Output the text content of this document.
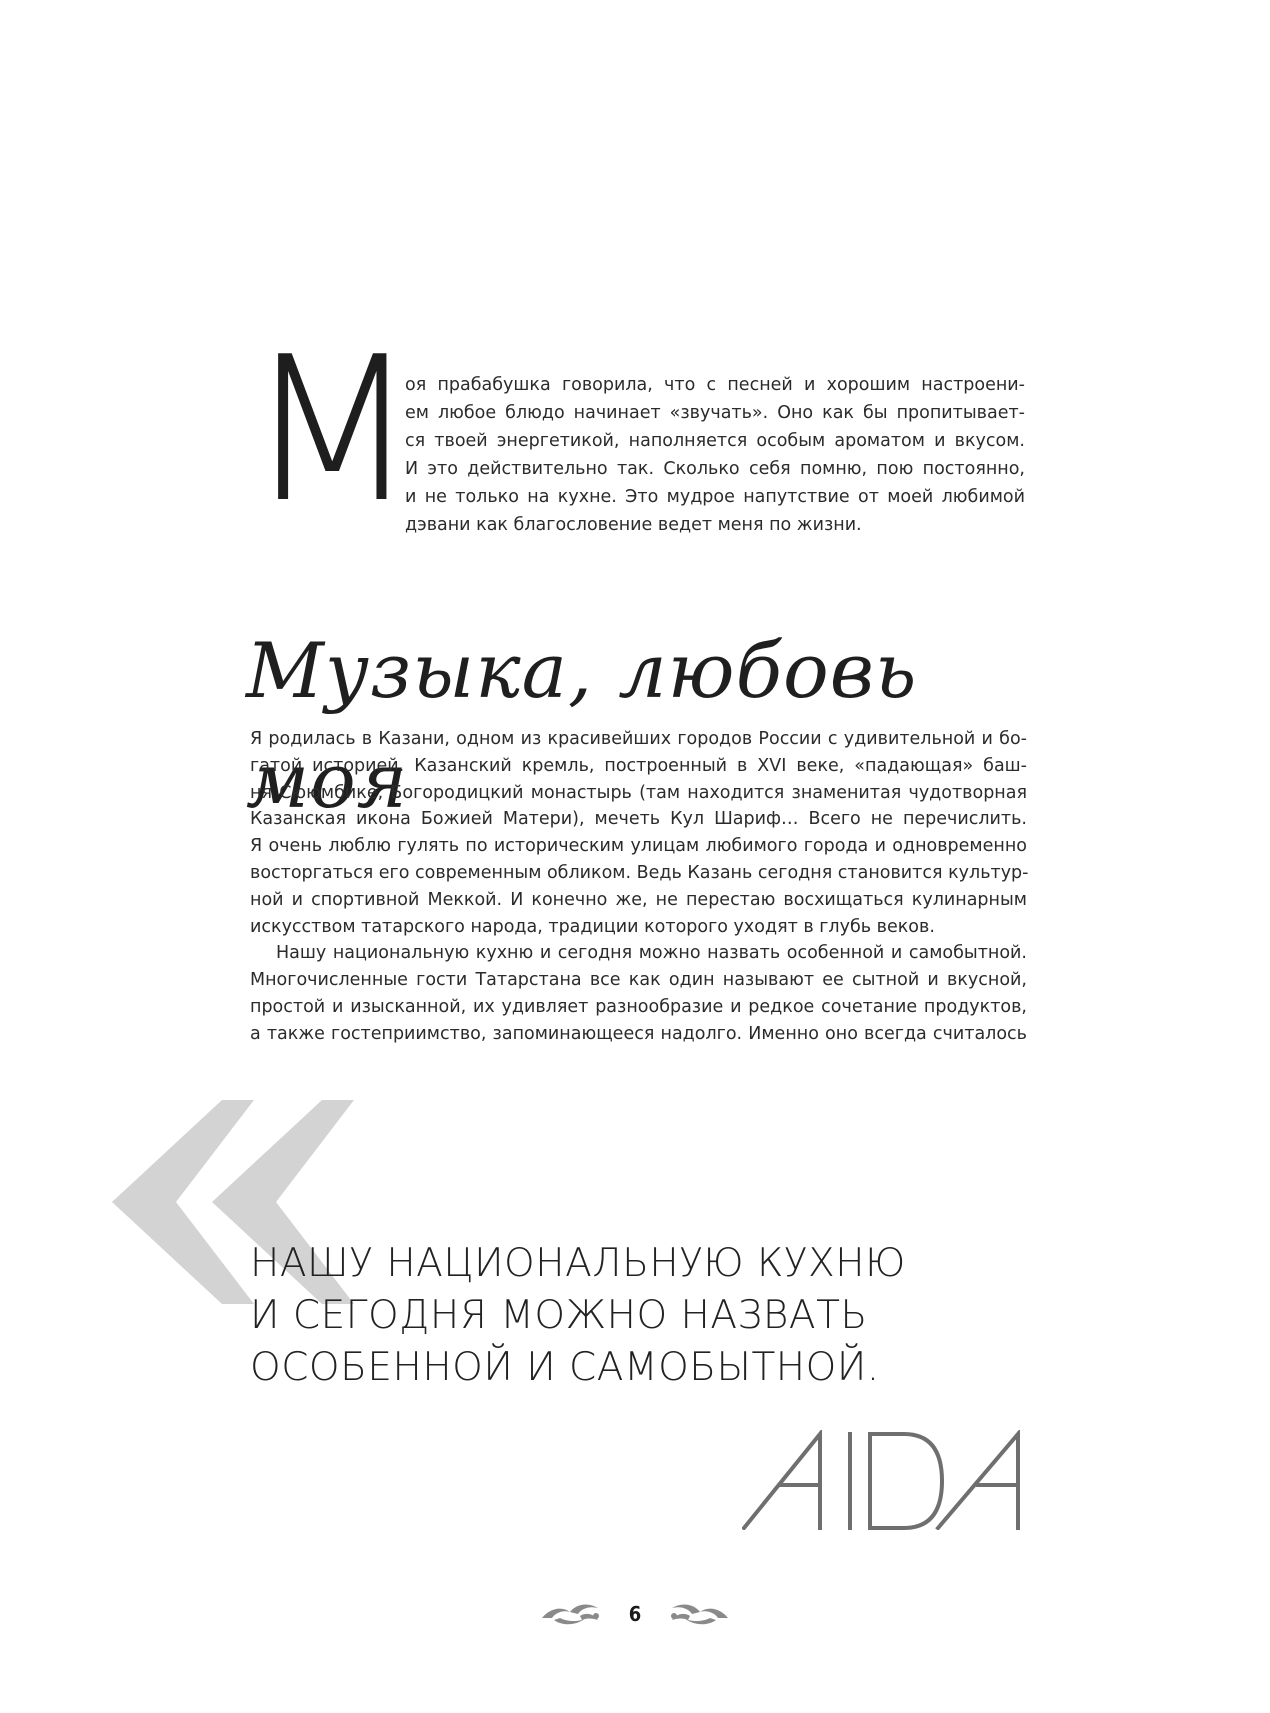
М
оя прабабушка говорила, что с песней и хорошим настроени-
ем любое блюдо начинает «звучать». Оно как бы пропитывает-
ся твоей энергетикой, наполняется особым ароматом и вкусом.
И это действительно так. Сколько себя помню, пою постоянно,
и не только на кухне. Это мудрое напутствие от моей любимой
дэвани как благословение ведет меня по жизни.
Музыка, любовь моя
Я родилась в Казани, одном из красивейших городов России с удивительной и бо-
гатой историей. Казанский кремль, построенный в XVI веке, «падающая» баш-
ня Сююмбике, Богородицкий монастырь (там находится знаменитая чудотворная
Казанская икона Божией Матери), мечеть Кул Шариф… Всего не перечислить.
Я очень люблю гулять по историческим улицам любимого города и одновременно
восторгаться его современным обликом. Ведь Казань сегодня становится культур-
ной и спортивной Меккой. И конечно же, не перестаю восхищаться кулинарным
искусством татарского народа, традиции которого уходят в глубь веков.
Нашу национальную кухню и сегодня можно назвать особенной и самобытной.
Многочисленные гости Татарстана все как один называют ее сытной и вкусной,
простой и изысканной, их удивляет разнообразие и редкое сочетание продуктов,
а также гостеприимство, запоминающееся надолго. Именно оно всегда считалось
НАШУ НАЦИОНАЛЬНУЮ КУХНЮ
И СЕГОДНЯ МОЖНО НАЗВАТЬ
ОСОБЕННОЙ И САМОБЫТНОЙ.
6
